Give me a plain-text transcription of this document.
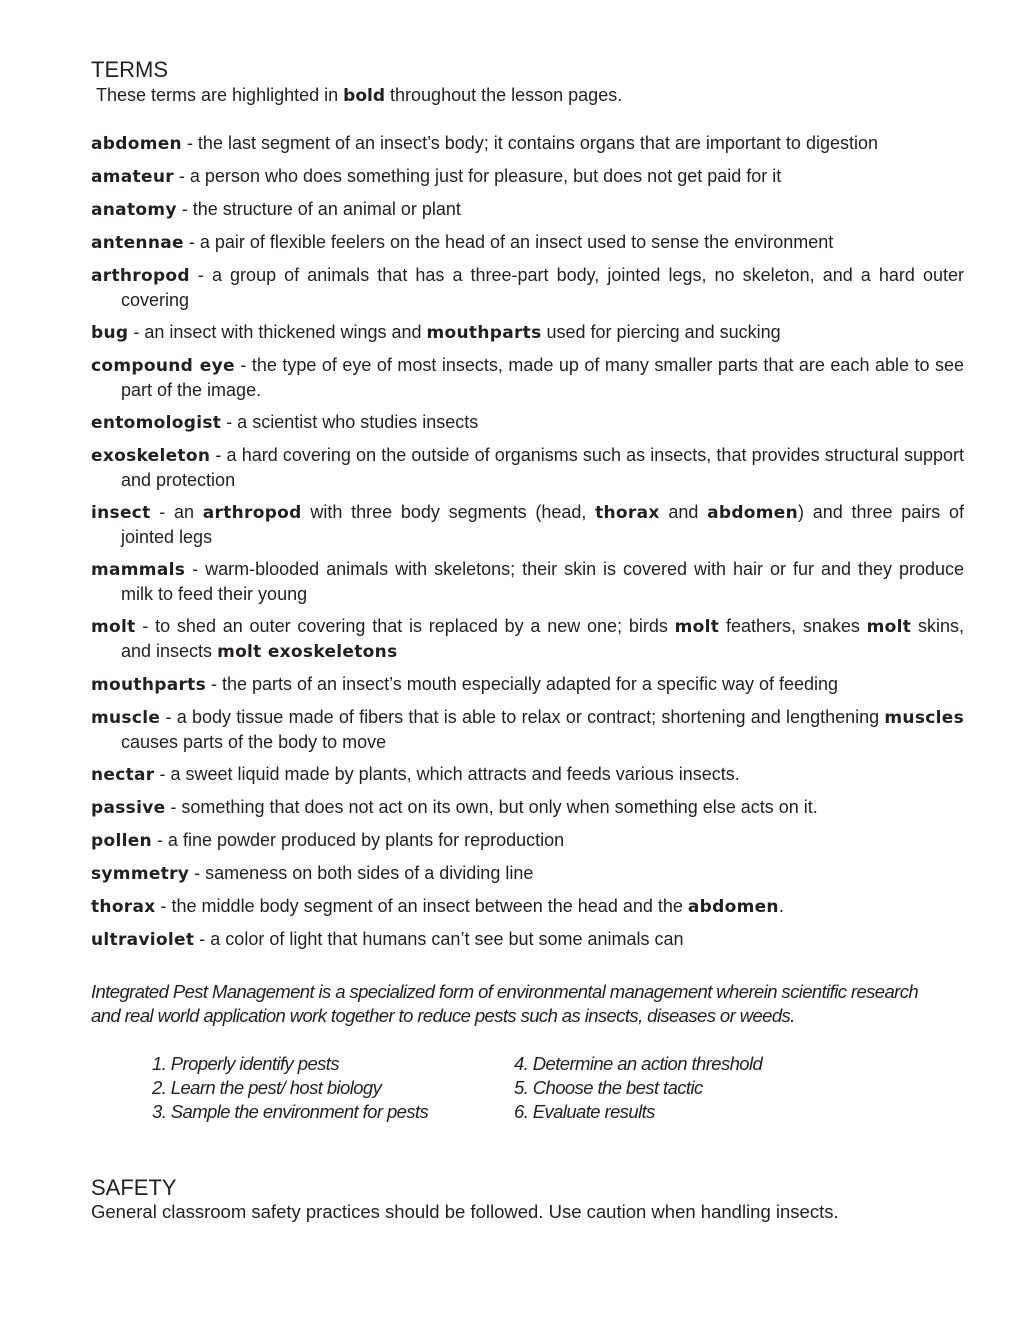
TERMS
These terms are highlighted in bold throughout the lesson pages.
abdomen - the last segment of an insect’s body; it contains organs that are important to digestion
amateur - a person who does something just for pleasure, but does not get paid for it
anatomy - the structure of an animal or plant
antennae - a pair of flexible feelers on the head of an insect used to sense the environment
arthropod - a group of animals that has a three-part body, jointed legs, no skeleton, and a hard outer covering
bug - an insect with thickened wings and mouthparts used for piercing and sucking
compound eye - the type of eye of most insects, made up of many smaller parts that are each able to see part of the image.
entomologist - a scientist who studies insects
exoskeleton - a hard covering on the outside of organisms such as insects, that provides structural support and protection
insect - an arthropod with three body segments (head, thorax and abdomen) and three pairs of jointed legs
mammals - warm-blooded animals with skeletons; their skin is covered with hair or fur and they produce milk to feed their young
molt - to shed an outer covering that is replaced by a new one; birds molt feathers, snakes molt skins, and insects molt exoskeletons
mouthparts - the parts of an insect’s mouth especially adapted for a specific way of feeding
muscle - a body tissue made of fibers that is able to relax or contract; shortening and lengthening muscles causes parts of the body to move
nectar - a sweet liquid made by plants, which attracts and feeds various insects.
passive - something that does not act on its own, but only when something else acts on it.
pollen - a fine powder produced by plants for reproduction
symmetry - sameness on both sides of a dividing line
thorax - the middle body segment of an insect between the head and the abdomen.
ultraviolet - a color of light that humans can’t see but some animals can
Integrated Pest Management is a specialized form of environmental management wherein scientific research and real world application work together to reduce pests such as insects, diseases or weeds.
1. Properly identify pests
2. Learn the pest/ host biology
3. Sample the environment for pests
4. Determine an action threshold
5. Choose the best tactic
6. Evaluate results
SAFETY
General classroom safety practices should be followed. Use caution when handling insects.
